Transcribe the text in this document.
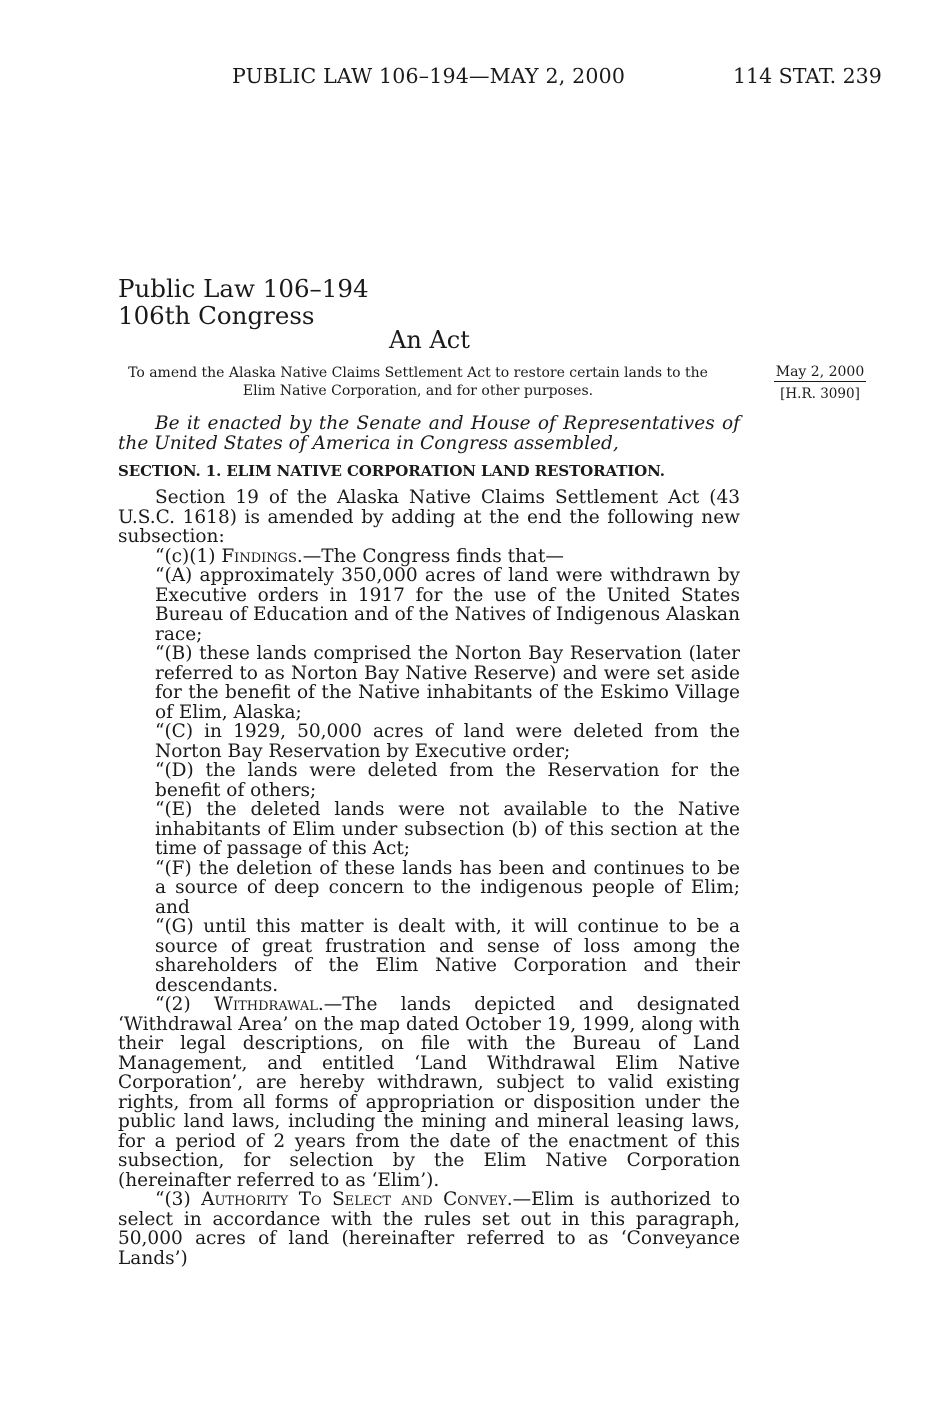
PUBLIC LAW 106–194—MAY 2, 2000	114 STAT. 239
Public Law 106–194
106th Congress
An Act
To amend the Alaska Native Claims Settlement Act to restore certain lands to the Elim Native Corporation, and for other purposes.
May 2, 2000
[H.R. 3090]
Be it enacted by the Senate and House of Representatives of the United States of America in Congress assembled,
SECTION. 1. ELIM NATIVE CORPORATION LAND RESTORATION.

Section 19 of the Alaska Native Claims Settlement Act (43 U.S.C. 1618) is amended by adding at the end the following new subsection:

“(c)(1) Findings.—The Congress finds that—

“(A) approximately 350,000 acres of land were withdrawn by Executive orders in 1917 for the use of the United States Bureau of Education and of the Natives of Indigenous Alaskan race;

“(B) these lands comprised the Norton Bay Reservation (later referred to as Norton Bay Native Reserve) and were set aside for the benefit of the Native inhabitants of the Eskimo Village of Elim, Alaska;

“(C) in 1929, 50,000 acres of land were deleted from the Norton Bay Reservation by Executive order;

“(D) the lands were deleted from the Reservation for the benefit of others;

“(E) the deleted lands were not available to the Native inhabitants of Elim under subsection (b) of this section at the time of passage of this Act;

“(F) the deletion of these lands has been and continues to be a source of deep concern to the indigenous people of Elim; and

“(G) until this matter is dealt with, it will continue to be a source of great frustration and sense of loss among the shareholders of the Elim Native Corporation and their descendants.

“(2) Withdrawal.—The lands depicted and designated ‘Withdrawal Area’ on the map dated October 19, 1999, along with their legal descriptions, on file with the Bureau of Land Management, and entitled ‘Land Withdrawal Elim Native Corporation’, are hereby withdrawn, subject to valid existing rights, from all forms of appropriation or disposition under the public land laws, including the mining and mineral leasing laws, for a period of 2 years from the date of the enactment of this subsection, for selection by the Elim Native Corporation (hereinafter referred to as ‘Elim’).

“(3) Authority To Select and Convey.—Elim is authorized to select in accordance with the rules set out in this paragraph, 50,000 acres of land (hereinafter referred to as ‘Conveyance Lands’)
